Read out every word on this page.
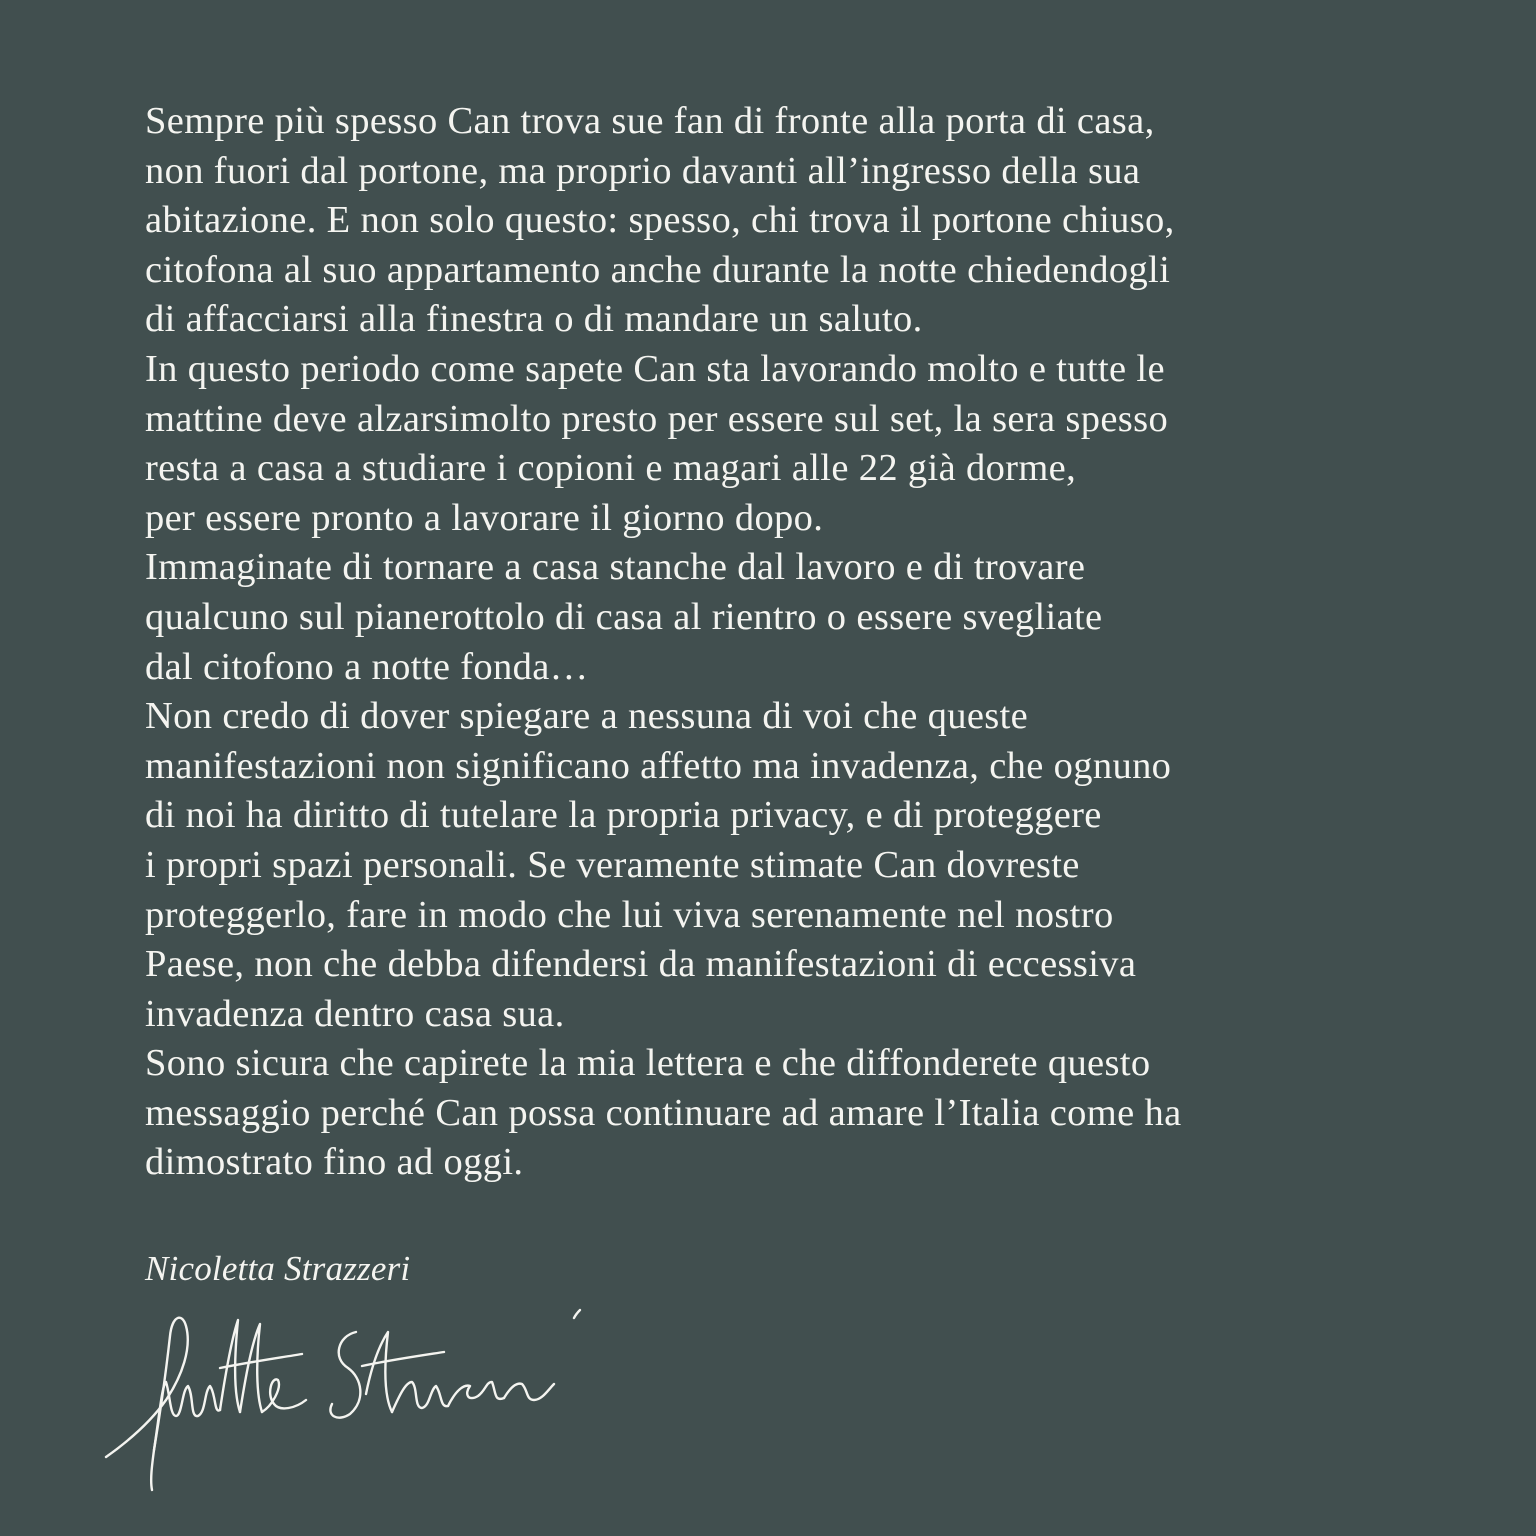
Sempre più spesso Can trova sue fan di fronte alla porta di casa,
non fuori dal portone, ma proprio davanti all’ingresso della sua
abitazione. E non solo questo: spesso, chi trova il portone chiuso,
citofona al suo appartamento anche durante la notte chiedendogli
di affacciarsi alla finestra o di mandare un saluto.
In questo periodo come sapete Can sta lavorando molto e tutte le
mattine deve alzarsimolto presto per essere sul set, la sera spesso
resta a casa a studiare i copioni e magari alle 22 già dorme,
per essere pronto a lavorare il giorno dopo.
Immaginate di tornare a casa stanche dal lavoro e di trovare
qualcuno sul pianerottolo di casa al rientro o essere svegliate
dal citofono a notte fonda…
Non credo di dover spiegare a nessuna di voi che queste
manifestazioni non significano affetto ma invadenza, che ognuno
di noi ha diritto di tutelare la propria privacy, e di proteggere
i propri spazi personali. Se veramente stimate Can dovreste
proteggerlo, fare in modo che lui viva serenamente nel nostro
Paese, non che debba difendersi da manifestazioni di eccessiva
invadenza dentro casa sua.
Sono sicura che capirete la mia lettera e che diffonderete questo
messaggio perché Can possa continuare ad amare l’Italia come ha
dimostrato fino ad oggi.
Nicoletta Strazzeri
